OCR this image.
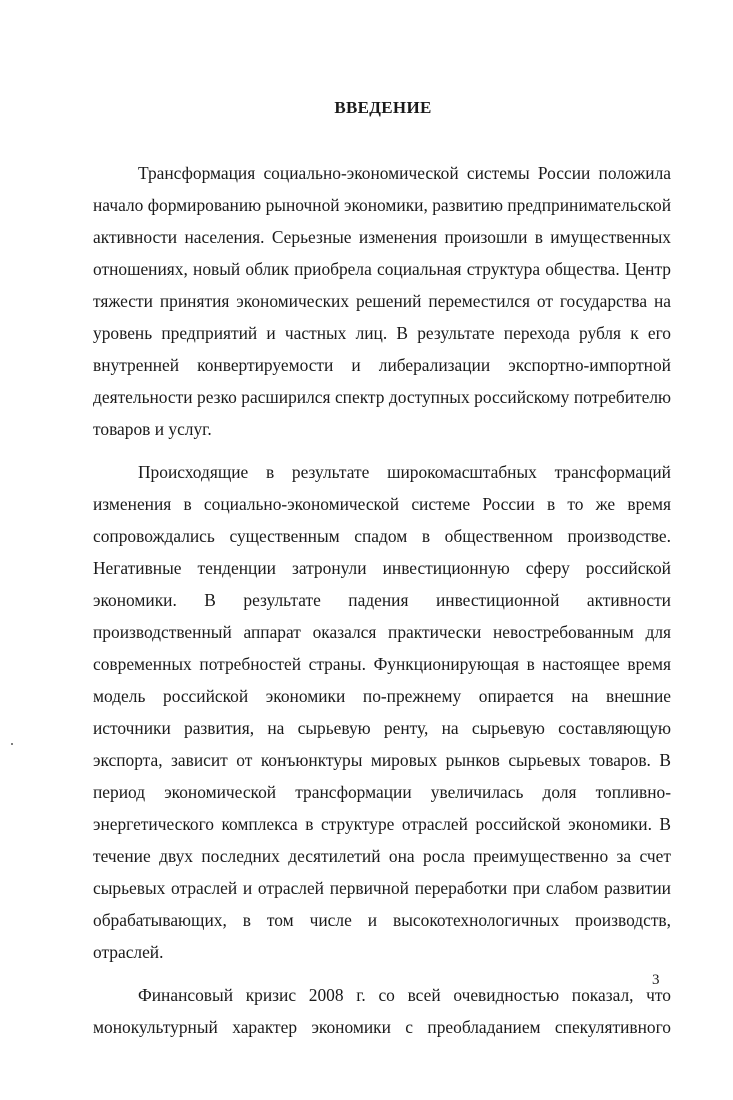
ВВЕДЕНИЕ
Трансформация социально-экономической системы России положила
начало формированию рыночной экономики, развитию предпринимательской
активности населения. Серьезные изменения произошли в имущественных
отношениях, новый облик приобрела социальная структура общества. Центр
тяжести принятия экономических решений переместился от государства на
уровень предприятий и частных лиц. В результате перехода рубля к его
внутренней конвертируемости и либерализации экспортно-импортной
деятельности резко расширился спектр доступных российскому потребителю
товаров и услуг.
Происходящие в результате широкомасштабных трансформаций
изменения в социально-экономической системе России в то же время
сопровождались существенным спадом в общественном производстве.
Негативные тенденции затронули инвестиционную сферу российской
экономики. В результате падения инвестиционной активности
производственный аппарат оказался практически невостребованным для
современных потребностей страны. Функционирующая в настоящее время
модель российской экономики по-прежнему опирается на внешние
источники развития, на сырьевую ренту, на сырьевую составляющую
экспорта, зависит от конъюнктуры мировых рынков сырьевых товаров. В
период экономической трансформации увеличилась доля топливно-
энергетического комплекса в структуре отраслей российской экономики. В
течение двух последних десятилетий она росла преимущественно за счет
сырьевых отраслей и отраслей первичной переработки при слабом развитии
обрабатывающих, в том числе и высокотехнологичных производств,
отраслей.
Финансовый кризис 2008 г. со всей очевидностью показал, что
монокультурный характер экономики с преобладанием спекулятивного
3
